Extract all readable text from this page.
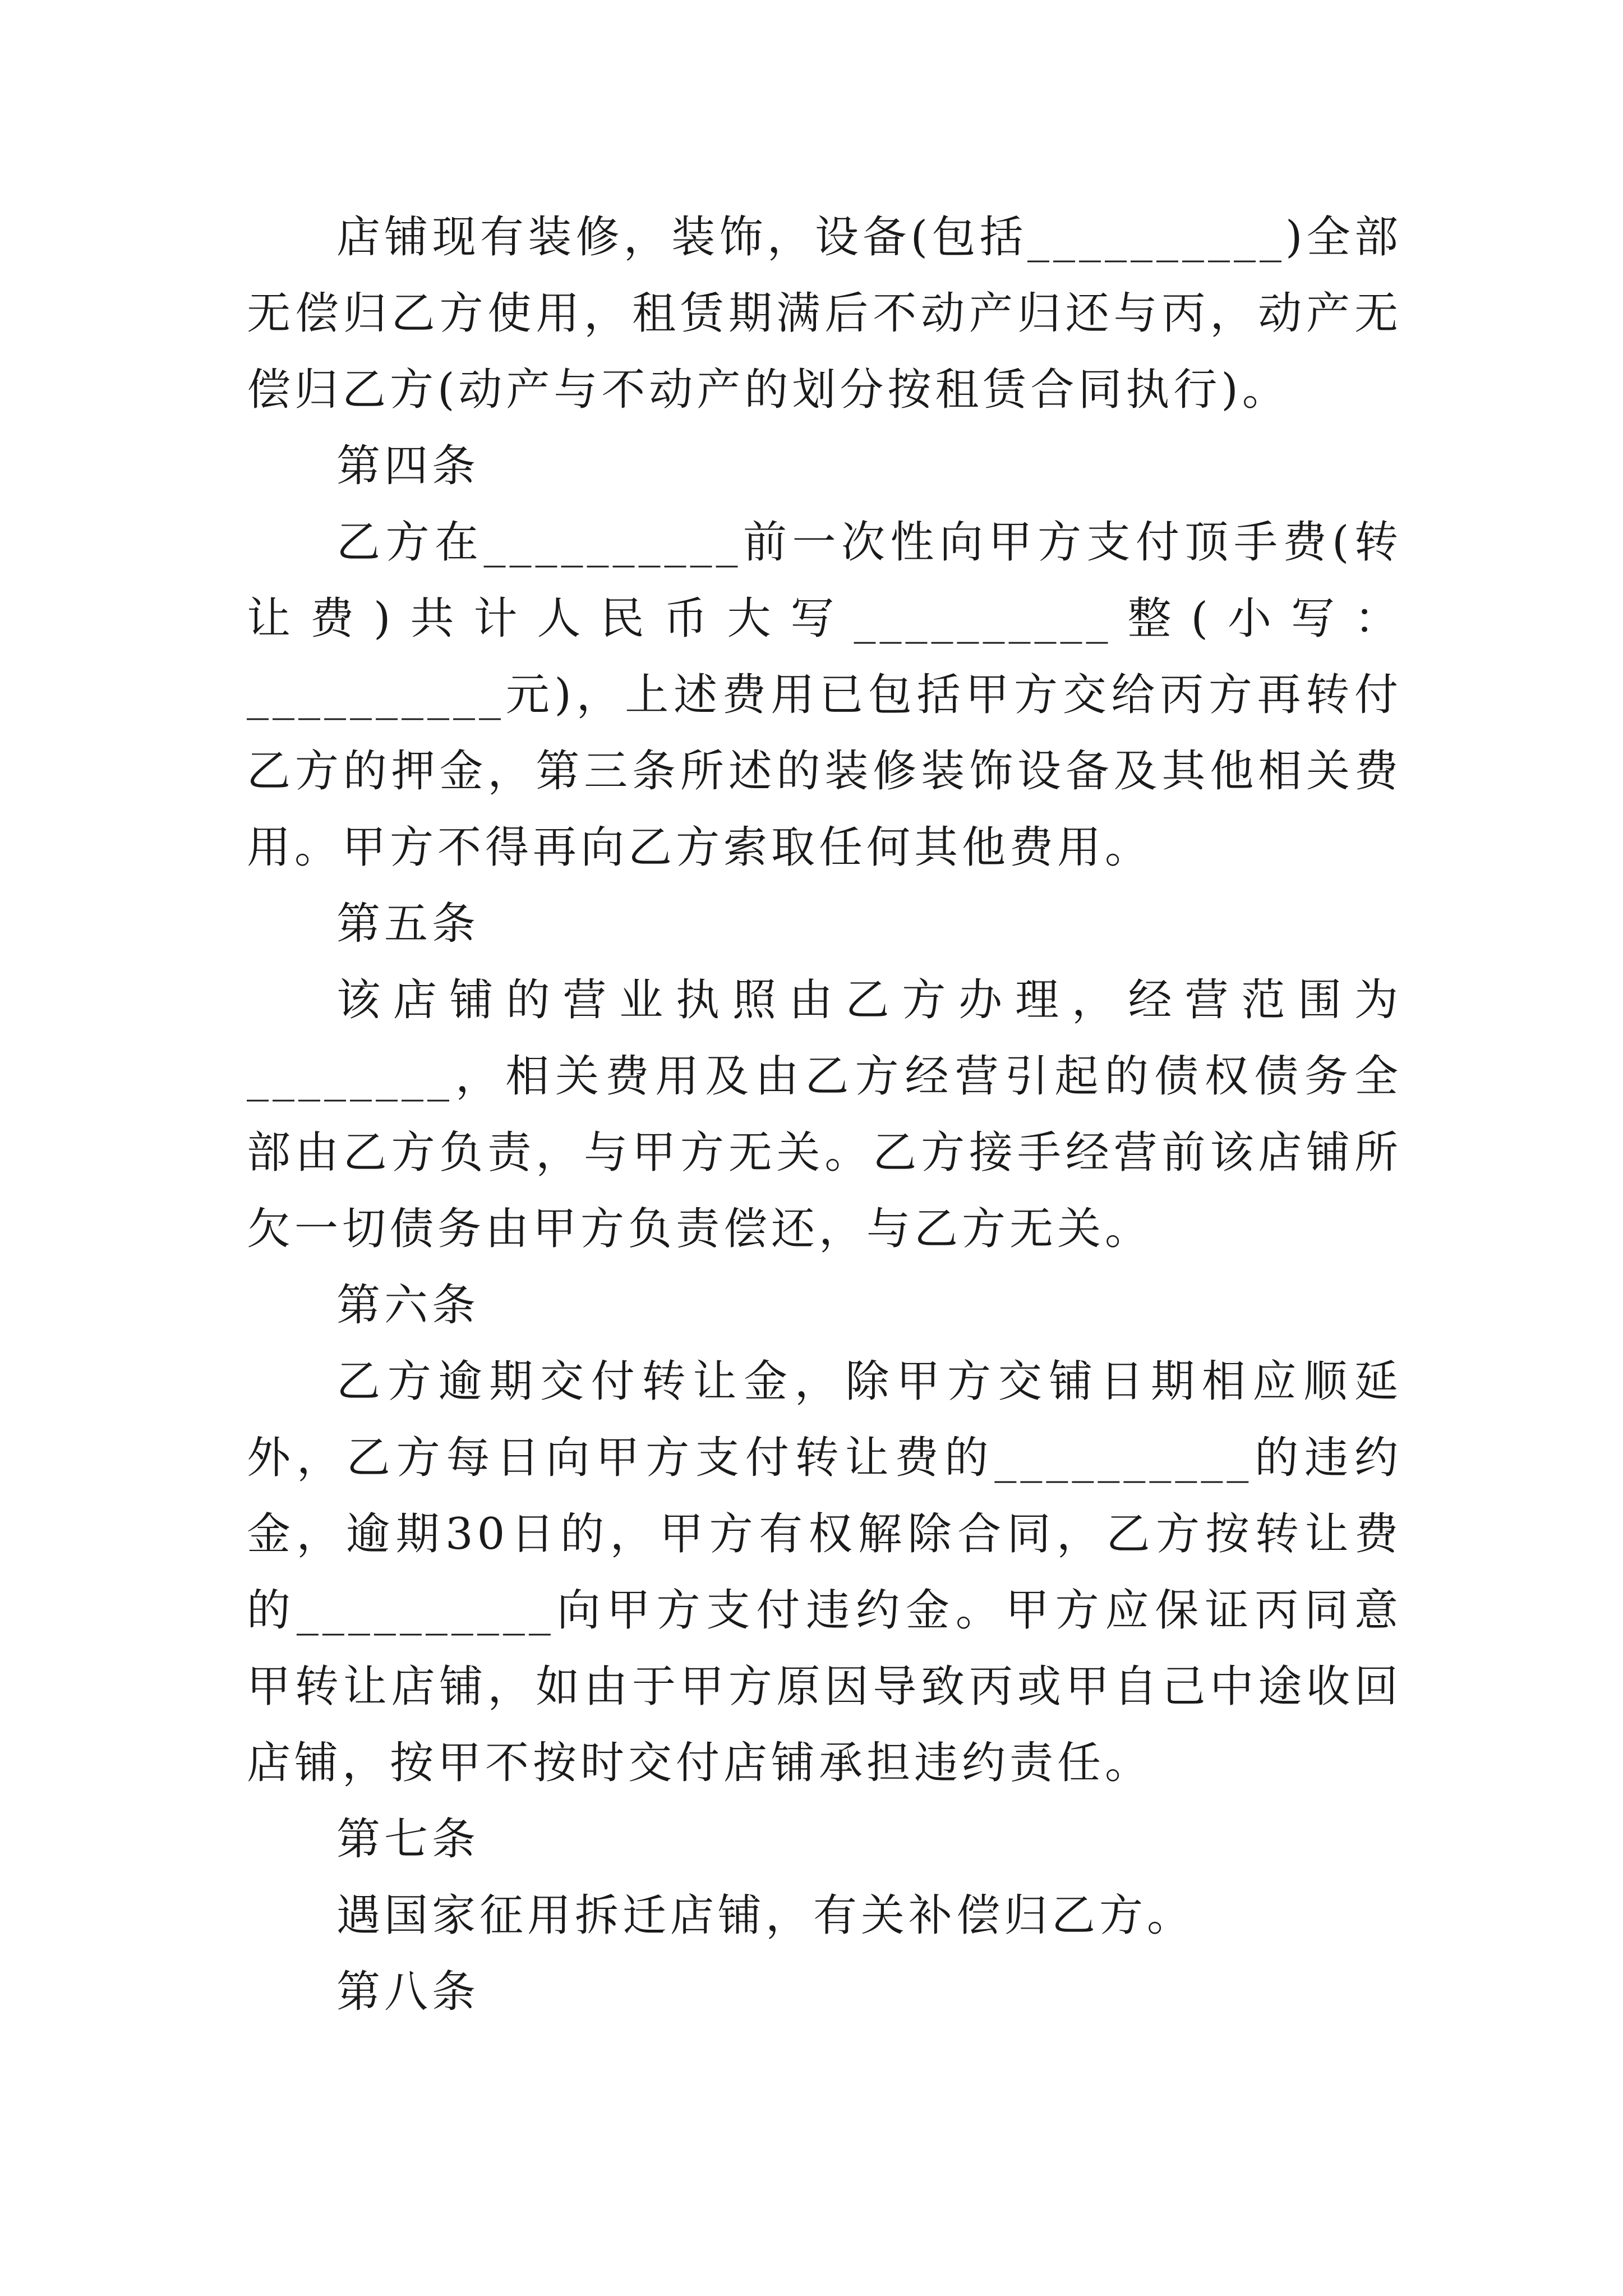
店铺现有装修，装饰，设备(包括__________)全部无偿归乙方使用，租赁期满后不动产归还与丙，动产无偿归乙方(动产与不动产的划分按租赁合同执行)。

第四条

乙方在__________前一次性向甲方支付顶手费(转让费)共计人民币大写__________整(小写：__________元)，上述费用已包括甲方交给丙方再转付乙方的押金，第三条所述的装修装饰设备及其他相关费用。甲方不得再向乙方索取任何其他费用。

第五条

该店铺的营业执照由乙方办理，经营范围为________，相关费用及由乙方经营引起的债权债务全部由乙方负责，与甲方无关。乙方接手经营前该店铺所欠一切债务由甲方负责偿还，与乙方无关。

第六条

乙方逾期交付转让金，除甲方交铺日期相应顺延外，乙方每日向甲方支付转让费的__________的违约金，逾期30日的，甲方有权解除合同，乙方按转让费的__________向甲方支付违约金。甲方应保证丙同意甲转让店铺，如由于甲方原因导致丙或甲自己中途收回店铺，按甲不按时交付店铺承担违约责任。

第七条

遇国家征用拆迁店铺，有关补偿归乙方。

第八条
